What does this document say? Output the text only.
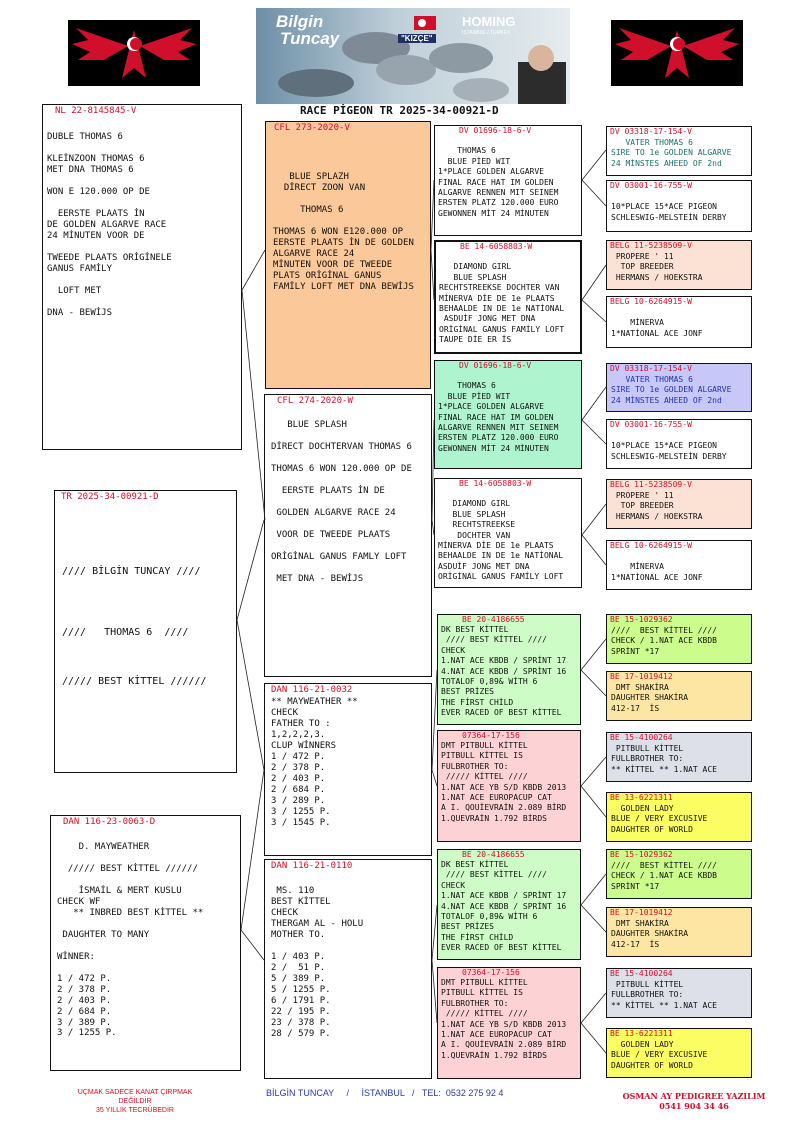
Bilgin
Tuncay	"KIZÇE"
HOMING
ISTANBUL / TURKEY
RACE PİGEON TR 2025-34-00921-D
NL 22-8145845-V
DUBLE THOMAS 6

KLEİNZOON THOMAS 6
MET DNA THOMAS 6

WON E 120.000 OP DE

EERSTE PLAATS İN
DE GOLDEN ALGARVE RACE
24 MİNUTEN VOOR DE

TWEEDE PLAATS ORİGİNELE
GANUS FAMİLY

LOFT MET

DNA - BEWİJS
TR 2025-34-00921-D
//// BİLGİN TUNCAY ////

////   THOMAS 6  ////

///// BEST KİTTEL //////
DAN 116-23-0063-D
D. MAYWEATHER

///// BEST KİTTEL //////

İSMAİL & MERT KUSLU
CHECK WF
** INBRED BEST KİTTEL **

DAUGHTER TO MANY

WİNNER:

1 / 472 P.
2 / 378 P.
2 / 403 P.
2 / 684 P.
3 / 389 P.
3 / 1255 P.
CFL 273-2020-V

BLUE SPLAZH
DİRECT ZOON VAN

THOMAS 6

THOMAS 6 WON E120.000 OP
EERSTE PLAATS İN DE GOLDEN
ALGARVE RACE 24
MİNUTEN VOOR DE TWEEDE
PLATS ORİGİNAL GANUS
FAMİLY LOFT MET DNA BEWİJS
CFL 274-2020-W

BLUE SPLASH

DİRECT DOCHTERVAN THOMAS 6

THOMAS 6 WON 120.000 OP DE

EERSTE PLAATS İN DE

GOLDEN ALGARVE RACE 24

VOOR DE TWEEDE PLAATS

ORİGİNAL GANUS FAMLY LOFT

MET DNA - BEWİJS
DAN 116-21-0032
** MAYWEATHER **
CHECK
FATHER TO :
1,2,2,2,3.
CLUP WİNNERS
1 / 472 P.
2 / 378 P.
2 / 403 P.
2 / 684 P.
3 / 289 P.
3 / 1255 P.
3 / 1545 P.
DAN 116-21-0110

MS. 110
BEST KİTTEL
CHECK
THERGAM AL - HOLU
MOTHER TO.

1 / 403 P.
2 /  51 P.
5 / 389 P.
5 / 1255 P.
6 / 1791 P.
22 / 195 P.
23 / 378 P.
28 / 579 P.
DV 01696-18-6-V

THOMAS 6
BLUE PİED WIT
1*PLACE GOLDEN ALGARVE
FINAL RACE HAT IM GOLDEN
ALGARVE RENNEN MIT SEINEM
ERSTEN PLATZ 120.000 EURO
GEWONNEN MİT 24 MİNUTEN
BE 14-6058803-W

DIAMOND GIRL
BLUE SPLASH
RECHTSTREEKSE DOCHTER VAN
MİNERVA DİE DE 1e PLAATS
BEHAALDE IN DE 1e NATİONAL
ASDUİF JONG MET DNA
ORİGİNAL GANUS FAMİLY LOFT
TAUPE DİE ER İS
DV 01696-18-6-V

THOMAS 6
BLUE PİED WIT
1*PLACE GOLDEN ALGARVE
FINAL RACE HAT IM GOLDEN
ALGARVE RENNEN MIT SEINEM
ERSTEN PLATZ 120.000 EURO
GEWONNEN MİT 24 MİNUTEN
BE 14-6058803-W

DIAMOND GIRL
BLUE SPLASH
RECHTSTREEKSE
DOCHTER VAN
MİNERVA DİE DE 1e PLAATS
BEHAALDE IN DE 1e NATİONAL
ASDUİF JONG MET DNA
ORİGİNAL GANUS FAMİLY LOFT
BE 20-4186655
DK BEST KİTTEL
//// BEST KİTTEL ////
CHECK
1.NAT ACE KBDB / SPRİNT 17
4.NAT ACE KBDB / SPRİNT 16
TOTALOF 0,89& WİTH 6
BEST PRİZES
THE FİRST CHİLD
EVER RACED OF BEST KİTTEL
07364-17-156
DMT PITBULL KİTTEL
PITBULL KİTTEL IS
FULBROTHER TO:
///// KİTTEL ////
1.NAT ACE YB S/D KBDB 2013
1.NAT ACE EUROPACUP CAT
A I. QOUİEVRAİN 2.089 BİRD
1.QUEVRAİN 1.792 BİRDS
BE 20-4186655
DK BEST KİTTEL
//// BEST KİTTEL ////
CHECK
1.NAT ACE KBDB / SPRİNT 17
4.NAT ACE KBDB / SPRİNT 16
TOTALOF 0,89& WİTH 6
BEST PRİZES
THE FİRST CHİLD
EVER RACED OF BEST KİTTEL
07364-17-156
DMT PITBULL KİTTEL
PITBULL KİTTEL IS
FULBROTHER TO:
///// KİTTEL ////
1.NAT ACE YB S/D KBDB 2013
1.NAT ACE EUROPACUP CAT
A I. QOUİEVRAİN 2.089 BİRD
1.QUEVRAİN 1.792 BİRDS
DV 03318-17-154-V
VATER THOMAS 6
SIRE TO 1e GOLDEN ALGARVE
24 MİNSTES AHEED OF 2nd
DV 03001-16-755-W

10*PLACE 15*ACE PIGEON
SCHLESWIG-MELSTEİN DERBY
BELG 11-5238509-V
PROPERE ' 11
TOP BREEDER
HERMANS / HOEKSTRA
BELG 10-6264915-W

MİNERVA
1*NATİONAL ACE JONF
DV 03318-17-154-V
VATER THOMAS 6
SIRE TO 1e GOLDEN ALGARVE
24 MİNSTES AHEED OF 2nd
DV 03001-16-755-W

10*PLACE 15*ACE PIGEON
SCHLESWIG-MELSTEİN DERBY
BELG 11-5238509-V
PROPERE ' 11
TOP BREEDER
HERMANS / HOEKSTRA
BELG 10-6264915-W

MİNERVA
1*NATİONAL ACE JONF
BE 15-1029362
////  BEST KİTTEL ////
CHECK / 1.NAT ACE KBDB
SPRİNT *17
BE 17-1019412
DMT SHAKİRA
DAUGHTER SHAKİRA
412-17  İS
BE 15-4100264
PITBULL KİTTEL
FULLBROTHER TO:
** KİTTEL ** 1.NAT ACE
BE 13-6221311
GOLDEN LADY
BLUE / VERY EXCUSIVE
DAUGHTER OF WORLD
BE 15-1029362
////  BEST KİTTEL ////
CHECK / 1.NAT ACE KBDB
SPRİNT *17
BE 17-1019412
DMT SHAKİRA
DAUGHTER SHAKİRA
412-17  İS
BE 15-4100264
PITBULL KİTTEL
FULLBROTHER TO:
** KİTTEL ** 1.NAT ACE
BE 13-6221311
GOLDEN LADY
BLUE / VERY EXCUSIVE
DAUGHTER OF WORLD
UÇMAK SADECE KANAT ÇIRPMAK
DEĞİLDİR
35 YILLIK TECRÜBEDİR
BİLGİN TUNCAY     /     İSTANBUL   /   TEL:  0532 275 92 4	OSMAN AY PEDIGREE YAZILIM
0541 904 34 46
